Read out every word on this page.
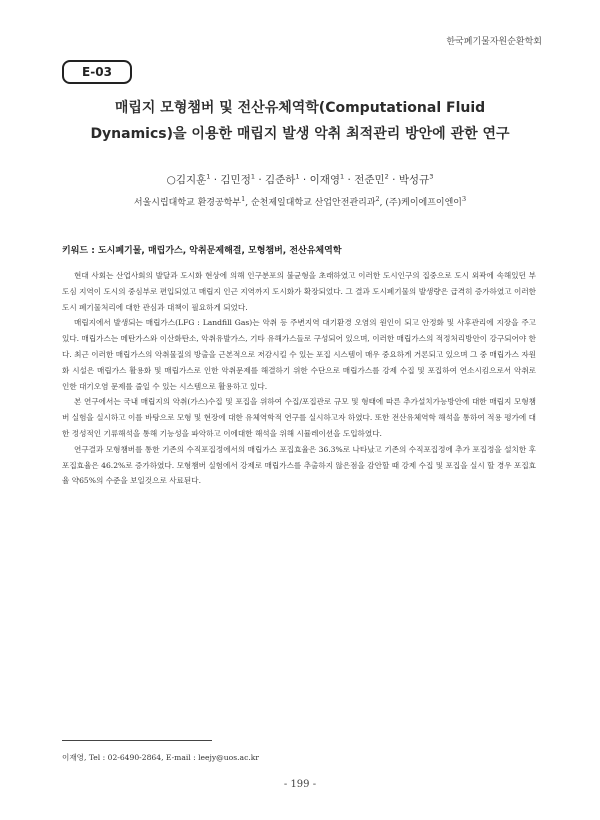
한국폐기물자원순환학회
E-03
매립지 모형챔버 및 전산유체역학(Computational Fluid
Dynamics)을 이용한 매립지 발생 악취 최적관리 방안에 관한 연구
○김지훈$^1$ · 김민정$^1$ · 김준하$^1$ · 이재영$^1$ · 전준민$^2$ · 박성규$^3$
서울시립대학교 환경공학부$^1$, 순천제일대학교 산업안전관리과$^2$, (주)케이에프이엔이$^3$
키워드 : 도시폐기물, 매립가스, 악취문제해결, 모형챔버, 전산유체역학

현대 사회는 산업사회의 발달과 도시화 현상에 의해 인구분포의 불균형을 초래하였고 이러한 도시인구의 집중으로 도시 외곽에 속해있던 부도심 지역이 도시의 중심부로 편입되었고 매립지 인근 지역까지 도시화가 확장되었다. 그 결과 도시폐기물의 발생량은 급격히 증가하였고 이러한 도시 폐기물처리에 대한 관심과 대책이 필요하게 되었다.

매립지에서 발생되는 매립가스(LFG : Landfill Gas)는 악취 등 주변지역 대기환경 오염의 원인이 되고 안정화 및 사후관리에 지장을 주고 있다. 매립가스는 메탄가스와 이산화탄소, 악취유발가스, 기타 유해가스들로 구성되어 있으며, 이러한 매립가스의 적정처리방안이 강구되어야 한다. 최근 이러한 매립가스의 악취물질의 방출을 근본적으로 저감시킬 수 있는 포집 시스템이 매우 중요하게 거론되고 있으며 그 중 매립가스 자원화 시설은 매립가스 활용화 및 매립가스로 인한 악취문제를 해결하기 위한 수단으로 매립가스를 강제 수집 및 포집하여 연소시킴으로서 악취로 인한 대기오염 문제를 줄일 수 있는 시스템으로 활용하고 있다.

본 연구에서는 국내 매립지의 악취(가스)수집 및 포집을 위하여 수집/포집관로 규모 및 형태에 따른 추가설치가능방안에 대한 매립지 모형챔버 실험을 실시하고 이를 바탕으로 모형 및 현장에 대한 유체역학적 연구를 실시하고자 하였다. 또한 전산유체역학 해석을 통하여 적용 평가에 대한 정성적인 기류해석을 통해 기능성을 파악하고 이에대한 해석을 위해 시뮬레이션을 도입하였다.

연구결과 모형챔버를 통한 기존의 수직포집정에서의 매립가스 포집효율은 36.3%로 나타났고 기존의 수직포집정에 추가 포집정을 설치한 후 포집효율은 46.2%로 증가하였다. 모형챔버 실험에서 강제로 매립가스를 추출하지 않은점을 감안할 때 강제 수집 및 포집을 실시 할 경우 포집효율 약65%의 수준을 보일것으로 사료된다.

이재영, Tel : 02-6490-2864, E-mail : leejy@uos.ac.kr
- 199 -
